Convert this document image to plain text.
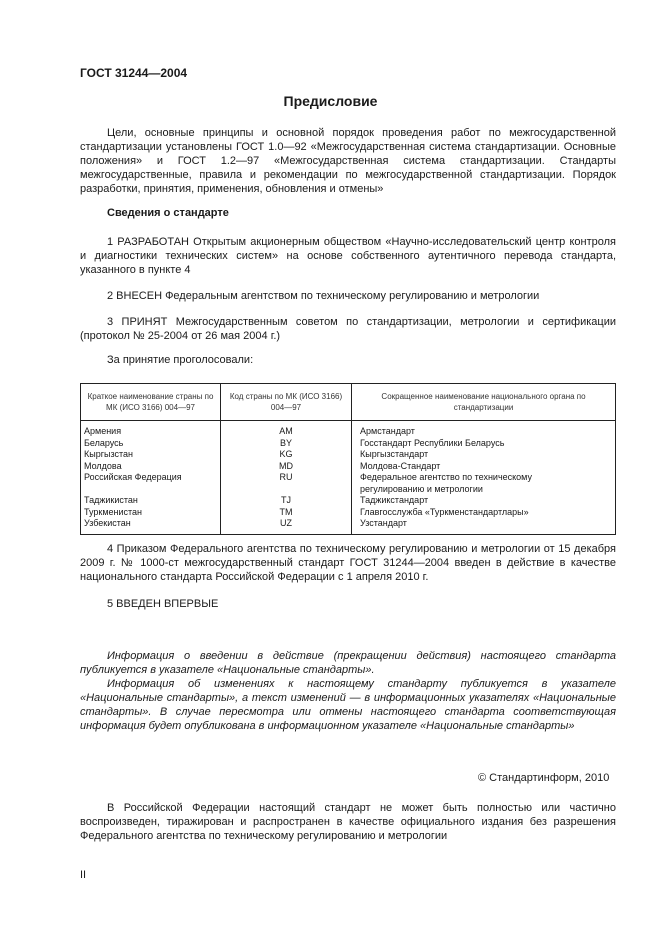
ГОСТ 31244—2004
Предисловие
Цели, основные принципы и основной порядок проведения работ по межгосударственной стандартизации установлены ГОСТ 1.0—92 «Межгосударственная система стандартизации. Основные положения» и ГОСТ 1.2—97 «Межгосударственная система стандартизации. Стандарты межгосударственные, правила и рекомендации по межгосударственной стандартизации. Порядок разработки, принятия, применения, обновления и отмены»
Сведения о стандарте
1 РАЗРАБОТАН Открытым акционерным обществом «Научно-исследовательский центр контроля и диагностики технических систем» на основе собственного аутентичного перевода стандарта, указанного в пункте 4
2 ВНЕСЕН Федеральным агентством по техническому регулированию и метрологии
3 ПРИНЯТ Межгосударственным советом по стандартизации, метрологии и сертификации (протокол № 25-2004 от 26 мая 2004 г.)
За принятие проголосовали:
Краткое наименование страны по МК (ИСО 3166) 004—97	Код страны по МК (ИСО 3166) 004—97	Сокращенное наименование национального органа по стандартизации
Армения	AM	Армстандарт
Беларусь	BY	Госстандарт Республики Беларусь
Кыргызстан	KG	Кыргызстандарт
Молдова	MD	Молдова-Стандарт
Российская Федерация	RU	Федеральное агентство по техническому регулированию и метрологии
Таджикистан	TJ	Таджикстандарт
Туркменистан	TM	Главгосслужба «Туркменстандартлары»
Узбекистан	UZ	Узстандарт
4 Приказом Федерального агентства по техническому регулированию и метрологии от 15 декабря 2009 г. № 1000-ст межгосударственный стандарт ГОСТ 31244—2004 введен в действие в качестве национального стандарта Российской Федерации с 1 апреля 2010 г.
5 ВВЕДЕН ВПЕРВЫЕ
Информация о введении в действие (прекращении действия) настоящего стандарта публикуется в указателе «Национальные стандарты».
Информация об изменениях к настоящему стандарту публикуется в указателе «Национальные стандарты», а текст изменений — в информационных указателях «Национальные стандарты». В случае пересмотра или отмены настоящего стандарта соответствующая информация будет опубликована в информационном указателе «Национальные стандарты»
© Стандартинформ, 2010
В Российской Федерации настоящий стандарт не может быть полностью или частично воспроизведен, тиражирован и распространен в качестве официального издания без разрешения Федерального агентства по техническому регулированию и метрологии
II
